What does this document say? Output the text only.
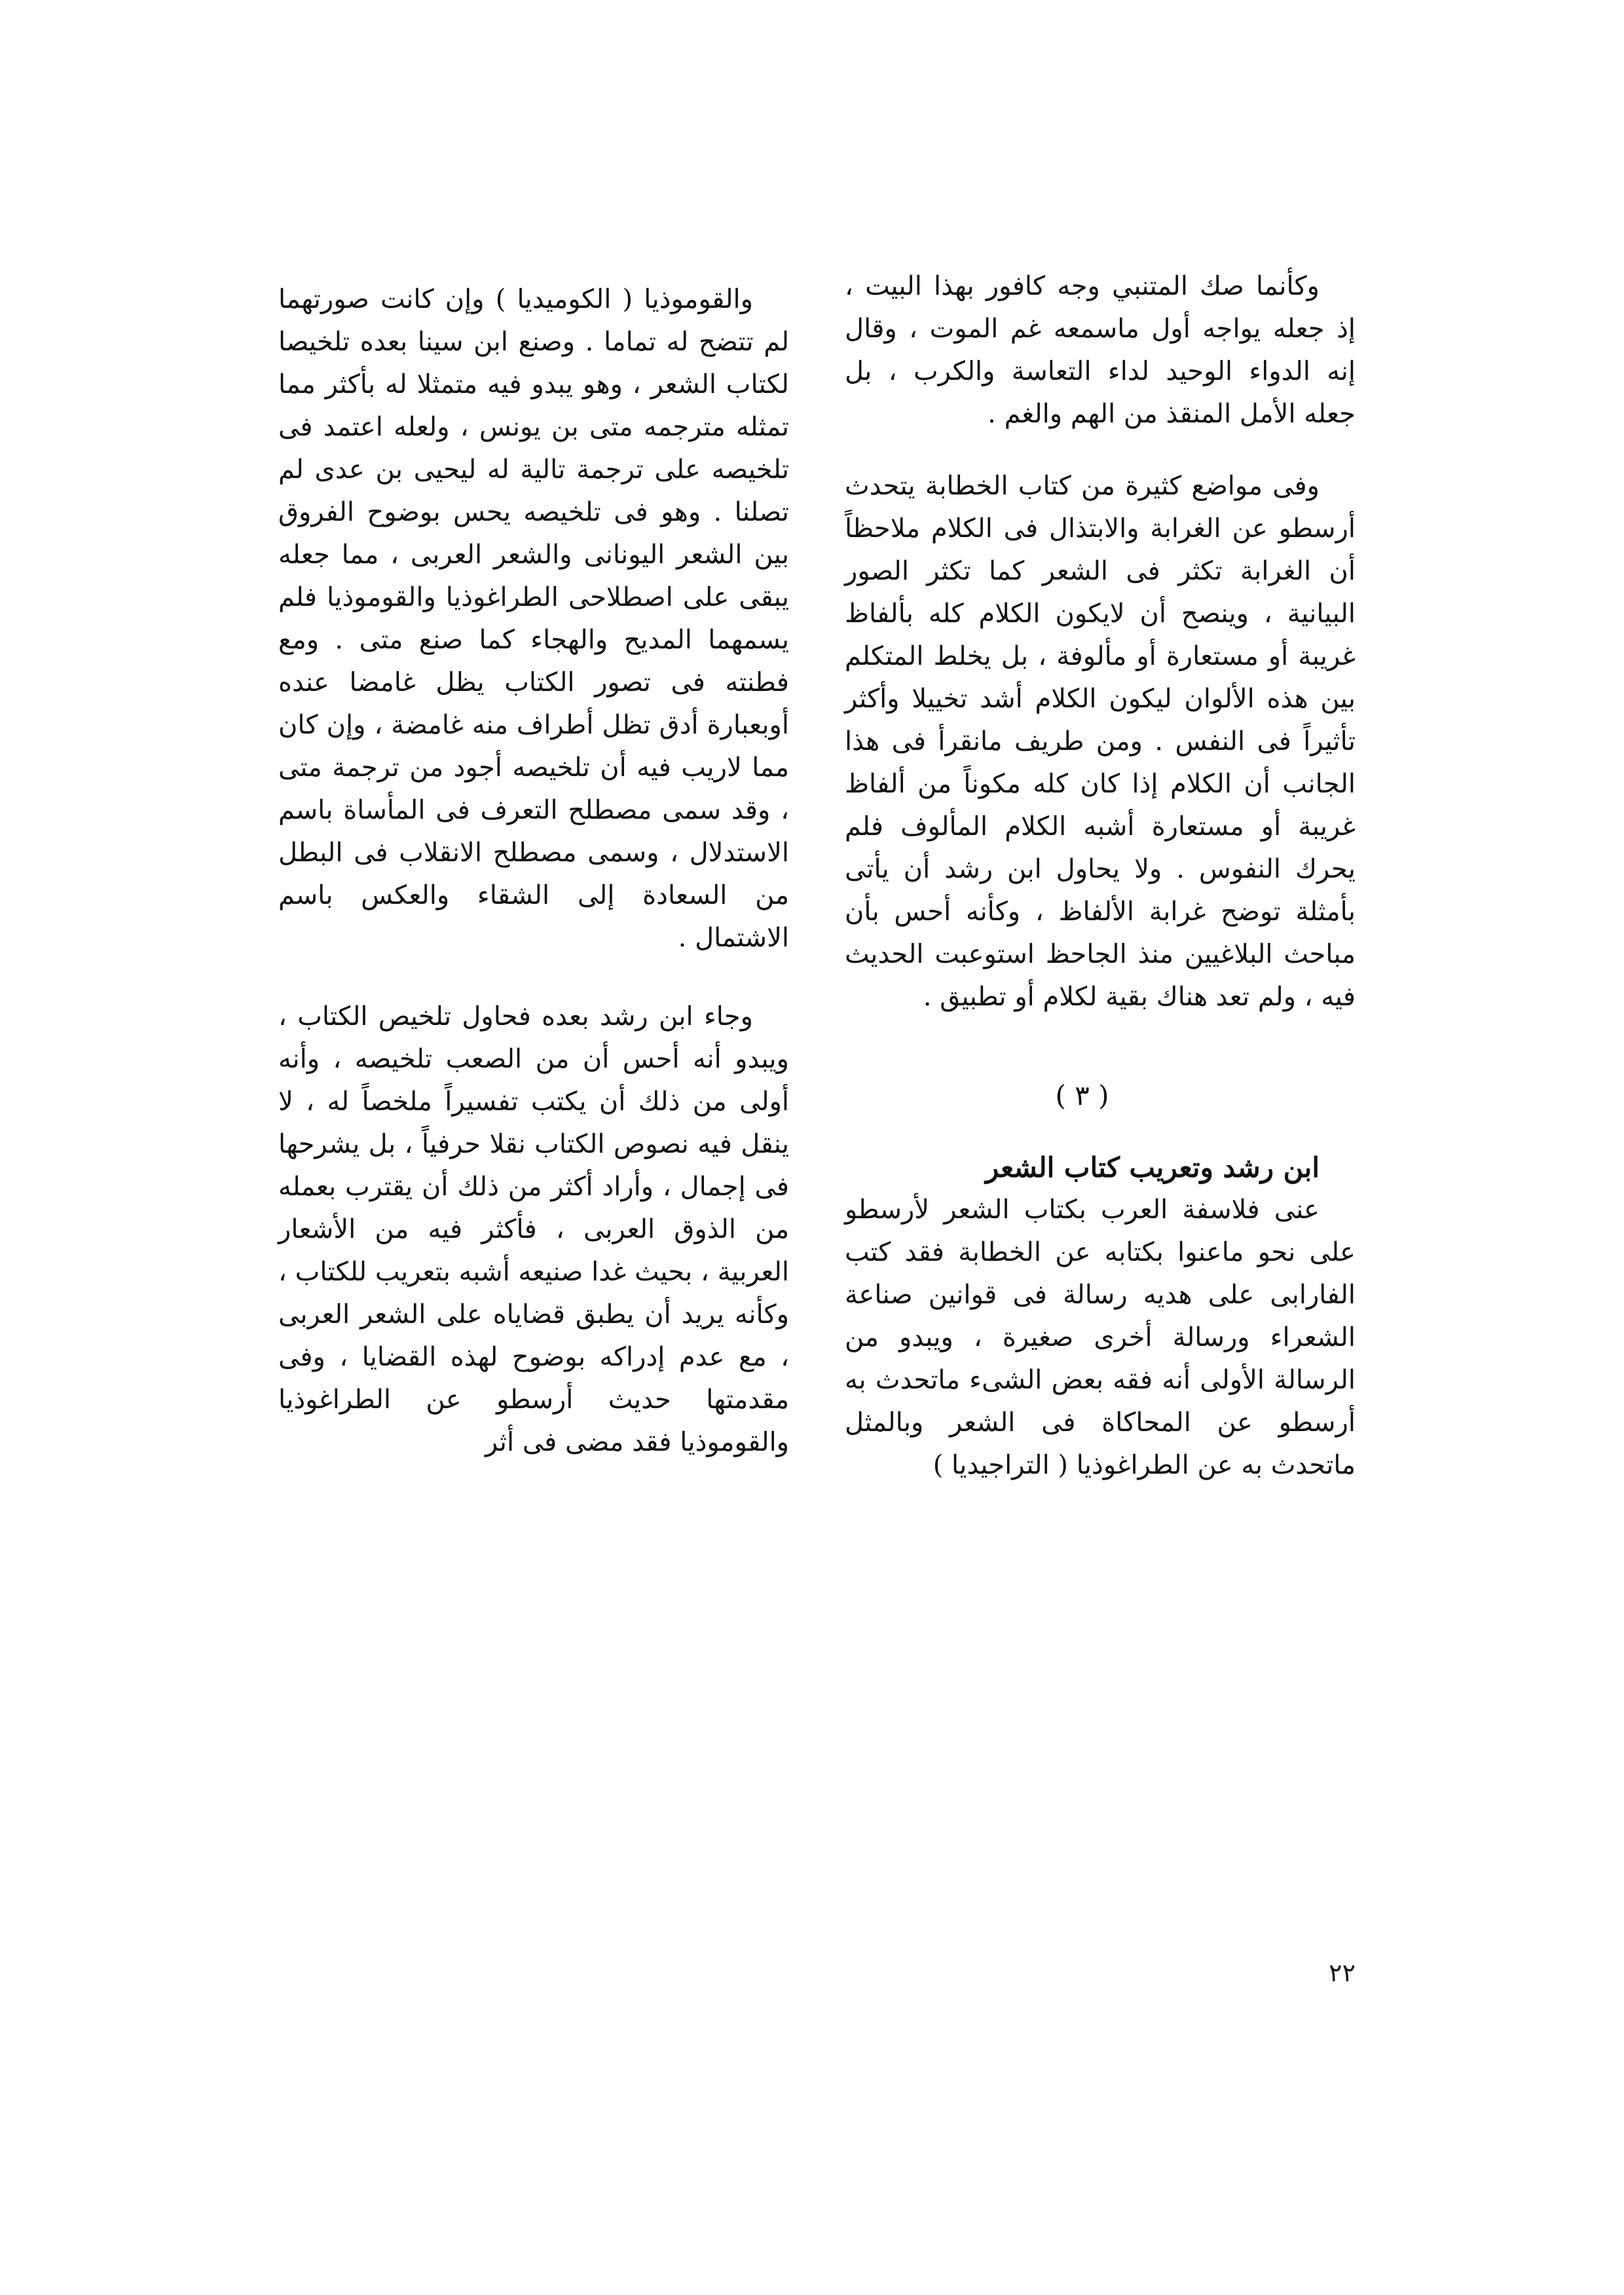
وكأنما صك المتنبي وجه كافور بهذا البيت ، إذ جعله يواجه أول ماسمعه غم الموت ، وقال إنه الدواء الوحيد لداء التعاسة والكرب ، بل جعله الأمل المنقذ من الهم والغم .

وفى مواضع كثيرة من كتاب الخطابة يتحدث أرسطو عن الغرابة والابتذال فى الكلام ملاحظاً أن الغرابة تكثر فى الشعر كما تكثر الصور البيانية ، وينصح أن لايكون الكلام كله بألفاظ غريبة أو مستعارة أو مألوفة ، بل يخلط المتكلم بين هذه الألوان ليكون الكلام أشد تخييلا وأكثر تأثيراً فى النفس . ومن طريف مانقرأ فى هذا الجانب أن الكلام إذا كان كله مكوناً من ألفاظ غريبة أو مستعارة أشبه الكلام المألوف فلم يحرك النفوس . ولا يحاول ابن رشد أن يأتى بأمثلة توضح غرابة الألفاظ ، وكأنه أحس بأن مباحث البلاغيين منذ الجاحظ استوعبت الحديث فيه ، ولم تعد هناك بقية لكلام أو تطبيق .

( ٣ )

ابن رشد وتعريب كتاب الشعر

عنى فلاسفة العرب بكتاب الشعر لأرسطو على نحو ماعنوا بكتابه عن الخطابة فقد كتب الفارابى على هديه رسالة فى قوانين صناعة الشعراء ورسالة أخرى صغيرة ، ويبدو من الرسالة الأولى أنه فقه بعض الشىء ماتحدث به أرسطو عن المحاكاة فى الشعر وبالمثل ماتحدث به عن الطراغوذيا ( التراجيديا )

والقوموذيا ( الكوميديا ) وإن كانت صورتهما لم تتضح له تماما . وصنع ابن سينا بعده تلخيصا لكتاب الشعر ، وهو يبدو فيه متمثلا له بأكثر مما تمثله مترجمه متى بن يونس ، ولعله اعتمد فى تلخيصه على ترجمة تالية له ليحيى بن عدى لم تصلنا . وهو فى تلخيصه يحس بوضوح الفروق بين الشعر اليونانى والشعر العربى ، مما جعله يبقى على اصطلاحى الطراغوذيا والقوموذيا فلم يسمهما المديح والهجاء كما صنع متى . ومع فطنته فى تصور الكتاب يظل غامضا عنده أوبعبارة أدق تظل أطراف منه غامضة ، وإن كان مما لاريب فيه أن تلخيصه أجود من ترجمة متى ، وقد سمى مصطلح التعرف فى المأساة باسم الاستدلال ، وسمى مصطلح الانقلاب فى البطل من السعادة إلى الشقاء والعكس باسم الاشتمال .

وجاء ابن رشد بعده فحاول تلخيص الكتاب ، ويبدو أنه أحس أن من الصعب تلخيصه ، وأنه أولى من ذلك أن يكتب تفسيراً ملخصاً له ، لا ينقل فيه نصوص الكتاب نقلا حرفياً ، بل يشرحها فى إجمال ، وأراد أكثر من ذلك أن يقترب بعمله من الذوق العربى ، فأكثر فيه من الأشعار العربية ، بحيث غدا صنيعه أشبه بتعريب للكتاب ، وكأنه يريد أن يطبق قضاياه على الشعر العربى ، مع عدم إدراكه بوضوح لهذه القضايا ، وفى مقدمتها حديث أرسطو عن الطراغوذيا والقوموذيا فقد مضى فى أثر

٢٢
